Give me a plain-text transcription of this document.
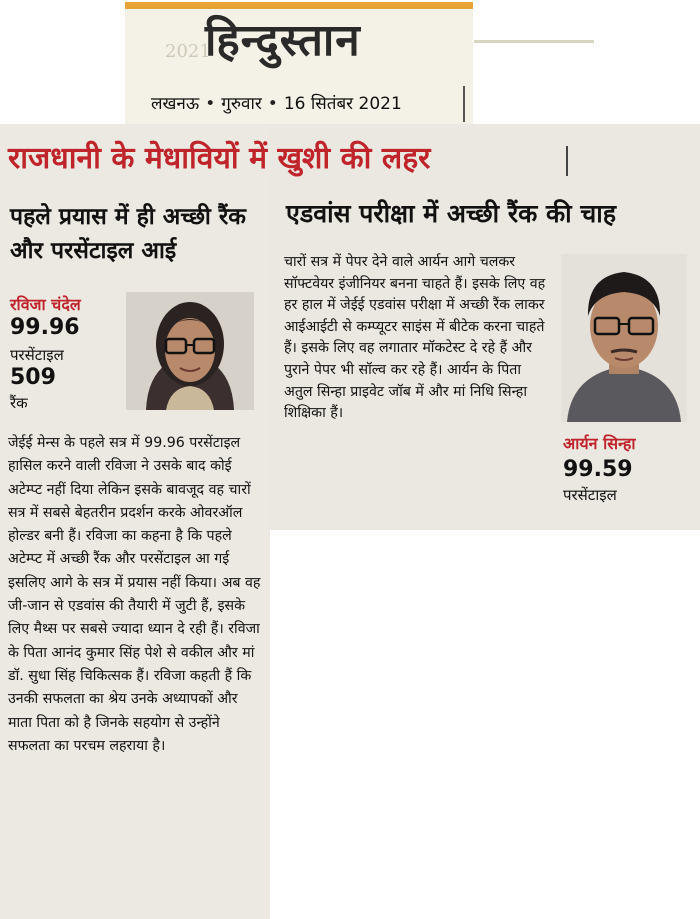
2021
हिन्दुस्तान
लखनऊ • गुरुवार • 16 सितंबर 2021
राजधानी के मेधावियों में खुशी की लहर
पहले प्रयास में ही अच्छी रैंक और परसेंटाइल आई
रविजा चंदेल
99.96
परसेंटाइल
509
रैंक
जेईई मेन्स के पहले सत्र में 99.96 परसेंटाइल हासिल करने वाली रविजा ने उसके बाद कोई अटेम्प्ट नहीं दिया लेकिन इसके बावजूद वह चारों सत्र में सबसे बेहतरीन प्रदर्शन करके ओवरऑल होल्डर बनी हैं। रविजा का कहना है कि पहले अटेम्प्ट में अच्छी रैंक और परसेंटाइल आ गई इसलिए आगे के सत्र में प्रयास नहीं किया। अब वह जी-जान से एडवांस की तैयारी में जुटी हैं, इसके लिए मैथ्स पर सबसे ज्यादा ध्यान दे रही हैं। रविजा के पिता आनंद कुमार सिंह पेशे से वकील और मां डॉ. सुधा सिंह चिकित्सक हैं। रविजा कहती हैं कि उनकी सफलता का श्रेय उनके अध्यापकों और माता पिता को है जिनके सहयोग से उन्होंने सफलता का परचम लहराया है।
एडवांस परीक्षा में अच्छी रैंक की चाह
चारों सत्र में पेपर देने वाले आर्यन आगे चलकर सॉफ्टवेयर इंजीनियर बनना चाहते हैं। इसके लिए वह हर हाल में जेईई एडवांस परीक्षा में अच्छी रैंक लाकर आईआईटी से कम्प्यूटर साइंस में बीटेक करना चाहते हैं। इसके लिए वह लगातार मॉकटेस्ट दे रहे हैं और पुराने पेपर भी सॉल्व कर रहे हैं। आर्यन के पिता अतुल सिन्हा प्राइवेट जॉब में और मां निधि सिन्हा शिक्षिका हैं।
आर्यन सिन्हा
99.59
परसेंटाइल
